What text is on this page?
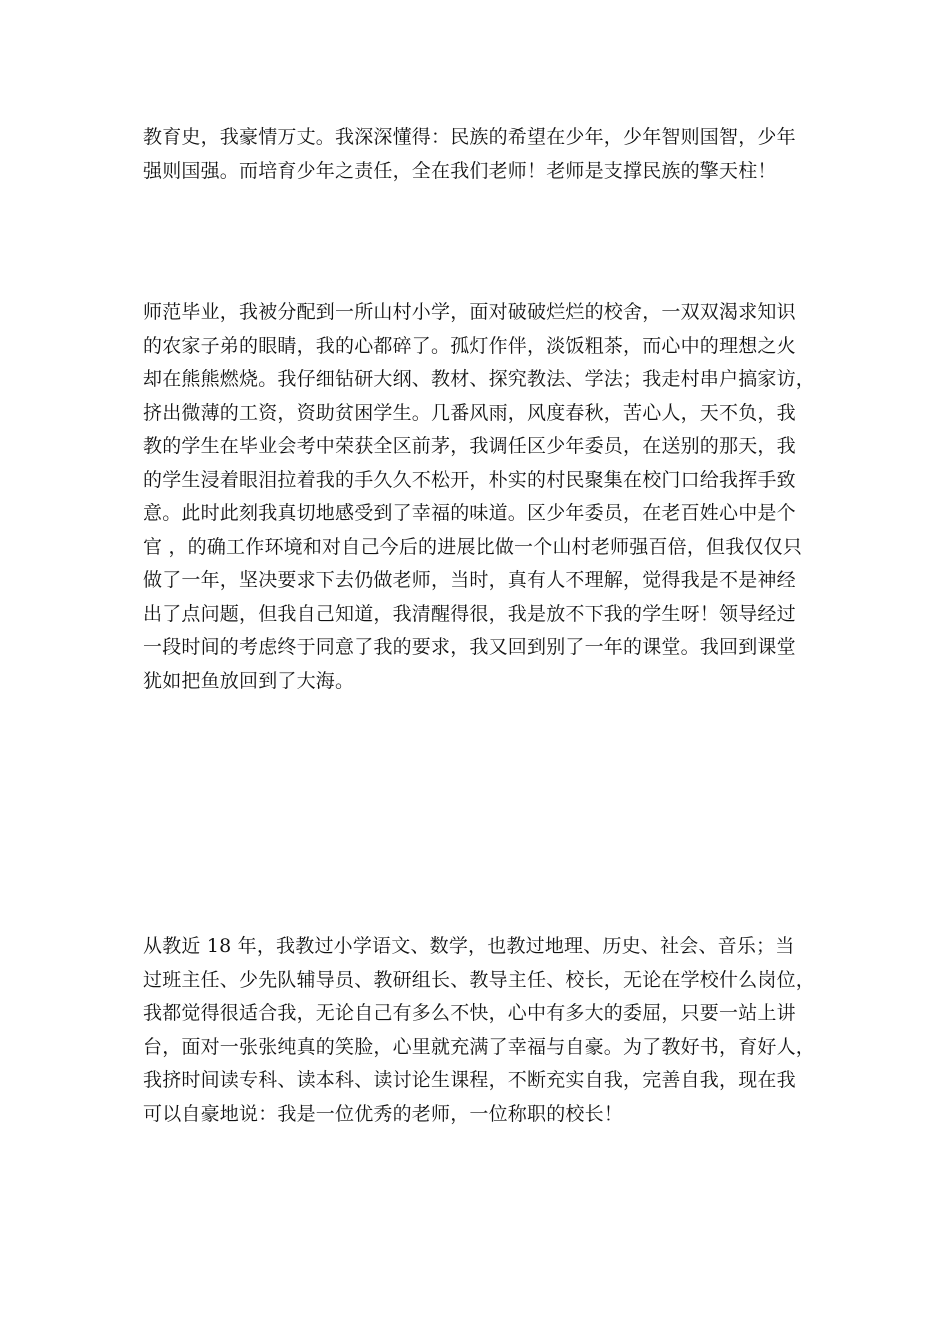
教育史，我豪情万丈。我深深懂得：民族的希望在少年，少年智则国智，少年
强则国强。而培育少年之责任，全在我们老师！老师是支撑民族的擎天柱！
师范毕业，我被分配到一所山村小学，面对破破烂烂的校舍，一双双渴求知识
的农家子弟的眼睛，我的心都碎了。孤灯作伴，淡饭粗茶，而心中的理想之火
却在熊熊燃烧。我仔细钻研大纲、教材、探究教法、学法；我走村串户搞家访，
挤出微薄的工资，资助贫困学生。几番风雨，风度春秋，苦心人，天不负，我
教的学生在毕业会考中荣获全区前茅，我调任区少年委员，在送别的那天，我
的学生浸着眼泪拉着我的手久久不松开，朴实的村民聚集在校门口给我挥手致
意。此时此刻我真切地感受到了幸福的味道。区少年委员，在老百姓心中是个
官 ，的确工作环境和对自己今后的进展比做一个山村老师强百倍，但我仅仅只
做了一年，坚决要求下去仍做老师，当时，真有人不理解，觉得我是不是神经
出了点问题，但我自己知道，我清醒得很，我是放不下我的学生呀！领导经过
一段时间的考虑终于同意了我的要求，我又回到别了一年的课堂。我回到课堂
犹如把鱼放回到了大海。
从教近 18 年，我教过小学语文、数学，也教过地理、历史、社会、音乐；当
过班主任、少先队辅导员、教研组长、教导主任、校长，无论在学校什么岗位，
我都觉得很适合我，无论自己有多么不快，心中有多大的委屈，只要一站上讲
台，面对一张张纯真的笑脸，心里就充满了幸福与自豪。为了教好书，育好人，
我挤时间读专科、读本科、读讨论生课程，不断充实自我，完善自我，现在我
可以自豪地说：我是一位优秀的老师，一位称职的校长！
